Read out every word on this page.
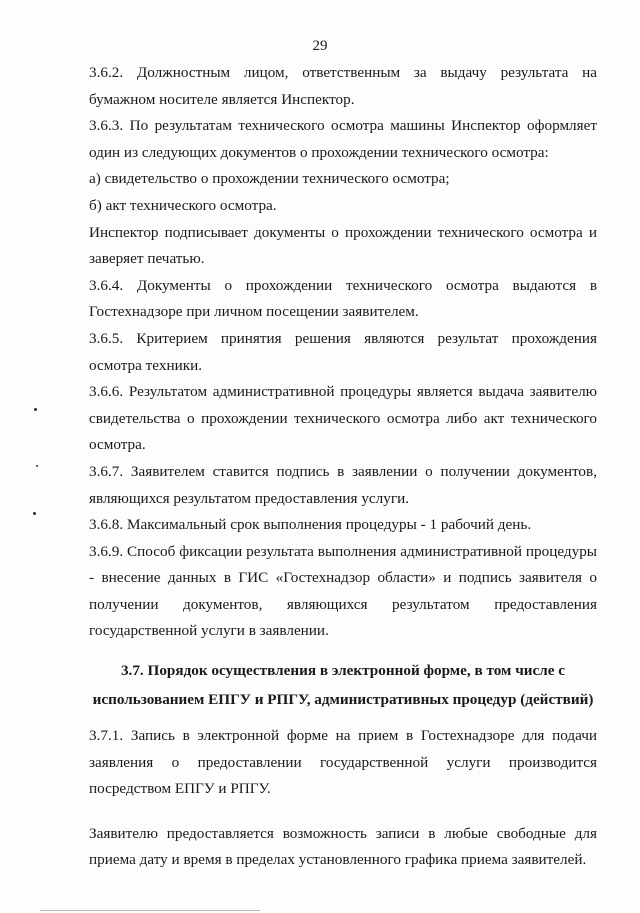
29

3.6.2. Должностным лицом, ответственным за выдачу результата на бумажном носителе является Инспектор.

3.6.3. По результатам технического осмотра машины Инспектор оформляет один из следующих документов о прохождении технического осмотра:

а) свидетельство о прохождении технического осмотра;

б) акт технического осмотра.

Инспектор подписывает документы о прохождении технического осмотра и заверяет печатью.

3.6.4. Документы о прохождении технического осмотра выдаются в Гостехнадзоре при личном посещении заявителем.

3.6.5. Критерием принятия решения являются результат прохождения осмотра техники.

3.6.6. Результатом административной процедуры является выдача заявителю свидетельства о прохождении технического осмотра либо акт технического осмотра.

3.6.7. Заявителем ставится подпись в заявлении о получении документов, являющихся результатом предоставления услуги.

3.6.8. Максимальный срок выполнения процедуры - 1 рабочий день.

3.6.9. Способ фиксации результата выполнения административной процедуры - внесение данных в ГИС «Гостехнадзор области» и подпись заявителя о получении документов, являющихся результатом предоставления государственной услуги в заявлении.

3.7. Порядок осуществления в электронной форме, в том числе с использованием ЕПГУ и РПГУ, административных процедур (действий)

3.7.1. Запись в электронной форме на прием в Гостехнадзоре для подачи заявления о предоставлении государственной услуги производится посредством ЕПГУ и РПГУ.

Заявителю предоставляется возможность записи в любые свободные для приема дату и время в пределах установленного графика приема заявителей.
